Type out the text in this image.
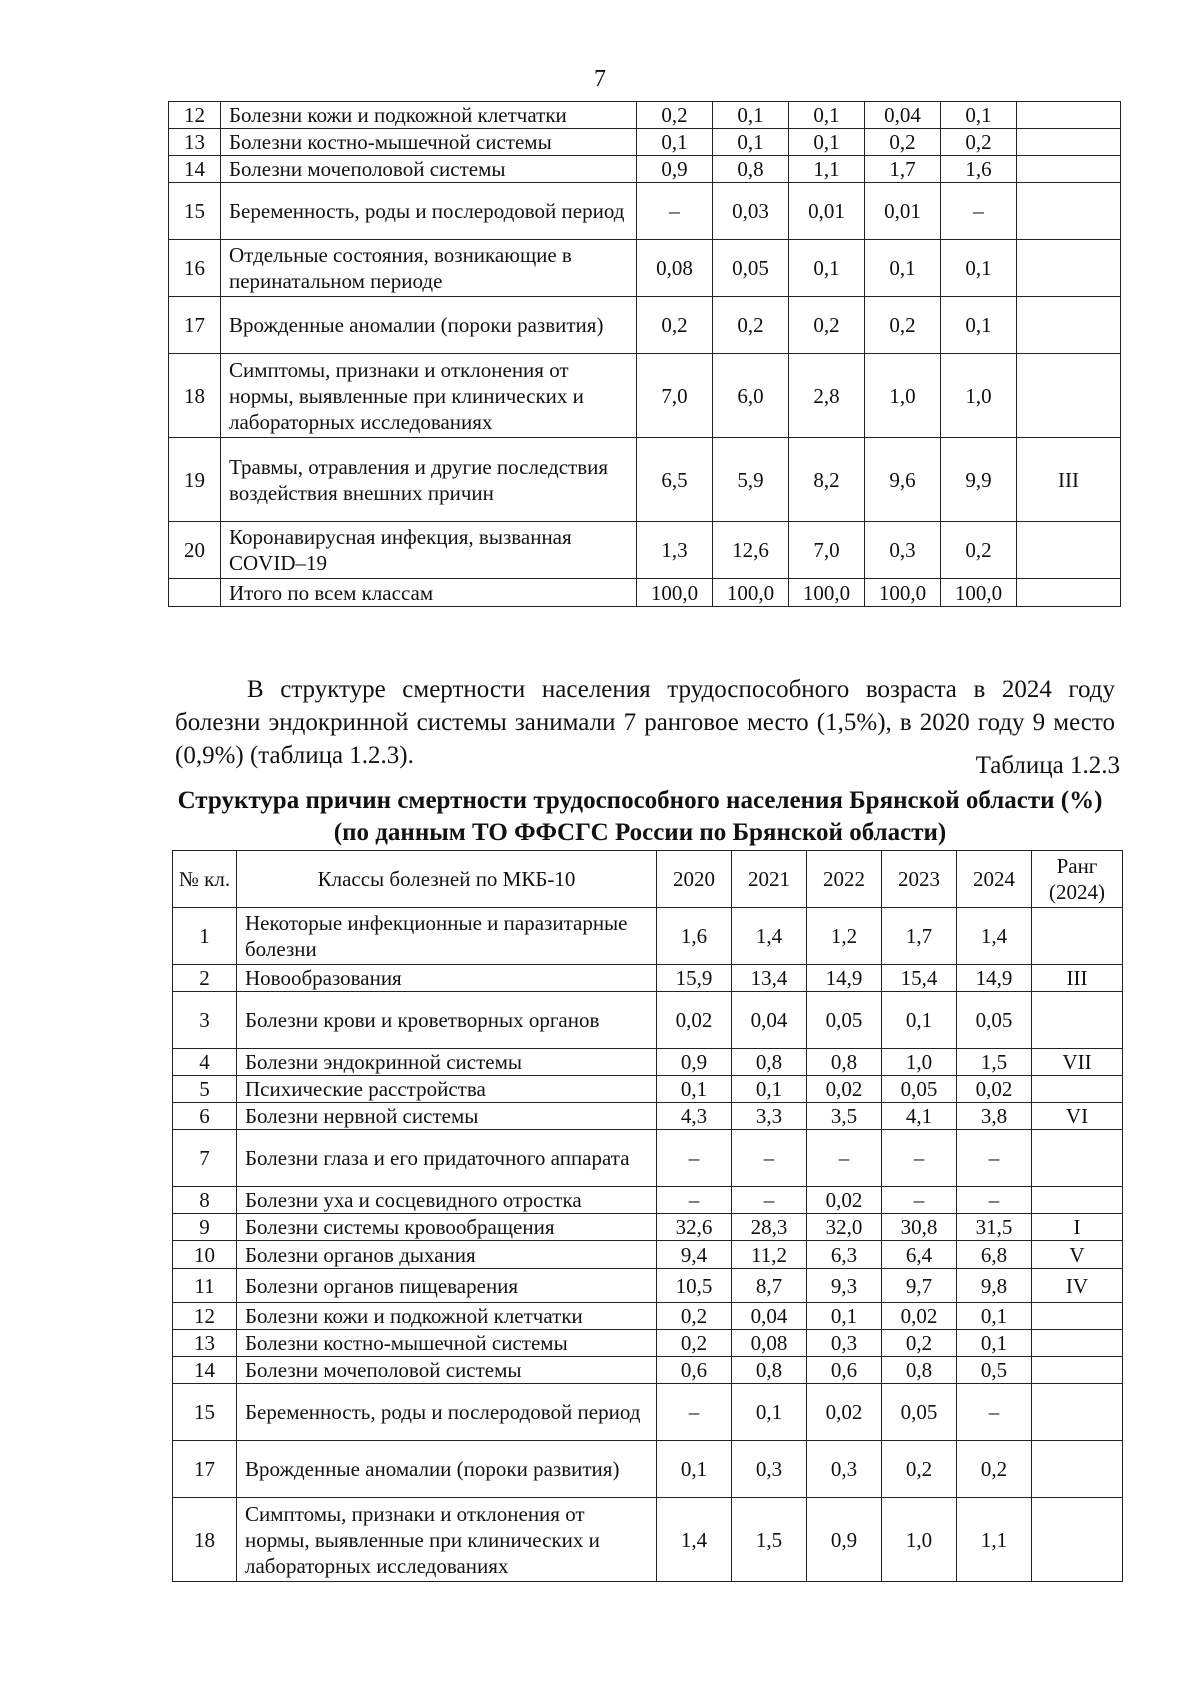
7
12	Болезни кожи и подкожной клетчатки	0,2	0,1	0,1	0,04	0,1	
13	Болезни костно-мышечной системы	0,1	0,1	0,1	0,2	0,2	
14	Болезни мочеполовой системы	0,9	0,8	1,1	1,7	1,6	
15	Беременность, роды и послеродовой период	–	0,03	0,01	0,01	–	
16	Отдельные состояния, возникающие в перинатальном периоде	0,08	0,05	0,1	0,1	0,1	
17	Врожденные аномалии (пороки развития)	0,2	0,2	0,2	0,2	0,1	
18	Симптомы, признаки и отклонения от нормы, выявленные при клинических и лабораторных исследованиях	7,0	6,0	2,8	1,0	1,0	
19	Травмы, отравления и другие последствия воздействия внешних причин	6,5	5,9	8,2	9,6	9,9	III
20	Коронавирусная инфекция, вызванная COVID–19	1,3	12,6	7,0	0,3	0,2	
	Итого по всем классам	100,0	100,0	100,0	100,0	100,0	

В структуре смертности населения трудоспособного возраста в 2024 году болезни эндокринной системы занимали 7 ранговое место (1,5%), в 2020 году 9 место (0,9%) (таблица 1.2.3).	Таблица 1.2.3
Структура причин смертности трудоспособного населения Брянской области (%) (по данным ТО ФФСГС России по Брянской области)
№ кл.	Классы болезней по МКБ-10	2020	2021	2022	2023	2024	Ранг (2024)
1	Некоторые инфекционные и паразитарные болезни	1,6	1,4	1,2	1,7	1,4	
2	Новообразования	15,9	13,4	14,9	15,4	14,9	III
3	Болезни крови и кроветворных органов	0,02	0,04	0,05	0,1	0,05	
4	Болезни эндокринной системы	0,9	0,8	0,8	1,0	1,5	VII
5	Психические расстройства	0,1	0,1	0,02	0,05	0,02	
6	Болезни нервной системы	4,3	3,3	3,5	4,1	3,8	VI
7	Болезни глаза и его придаточного аппарата	–	–	–	–	–	
8	Болезни уха и сосцевидного отростка	–	–	0,02	–	–	
9	Болезни системы кровообращения	32,6	28,3	32,0	30,8	31,5	I
10	Болезни органов дыхания	9,4	11,2	6,3	6,4	6,8	V
11	Болезни органов пищеварения	10,5	8,7	9,3	9,7	9,8	IV
12	Болезни кожи и подкожной клетчатки	0,2	0,04	0,1	0,02	0,1	
13	Болезни костно-мышечной системы	0,2	0,08	0,3	0,2	0,1	
14	Болезни мочеполовой системы	0,6	0,8	0,6	0,8	0,5	
15	Беременность, роды и послеродовой период	–	0,1	0,02	0,05	–	
17	Врожденные аномалии (пороки развития)	0,1	0,3	0,3	0,2	0,2	
18	Симптомы, признаки и отклонения от нормы, выявленные при клинических и лабораторных исследованиях	1,4	1,5	0,9	1,0	1,1	
